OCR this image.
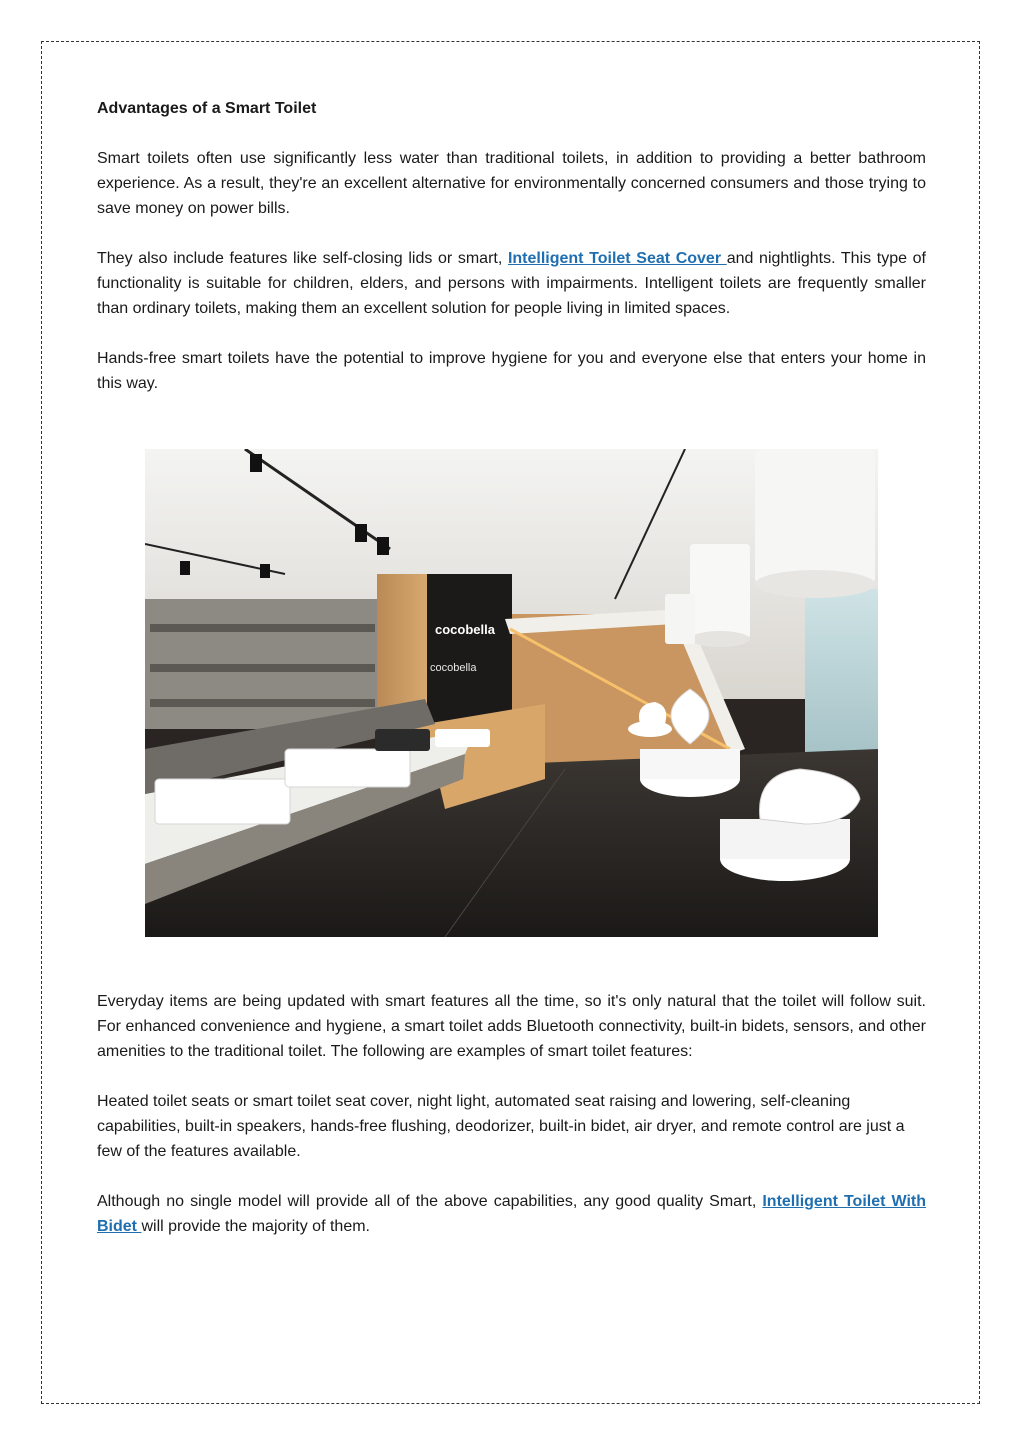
Advantages of a Smart Toilet

Smart toilets often use significantly less water than traditional toilets, in addition to providing a better bathroom experience. As a result, they're an excellent alternative for environmentally concerned consumers and those trying to save money on power bills.

They also include features like self-closing lids or smart, Intelligent Toilet Seat Cover and nightlights. This type of functionality is suitable for children, elders, and persons with impairments. Intelligent toilets are frequently smaller than ordinary toilets, making them an excellent solution for people living in limited spaces.

Hands-free smart toilets have the potential to improve hygiene for you and everyone else that enters your home in this way.

cocobella
cocobella

Everyday items are being updated with smart features all the time, so it's only natural that the toilet will follow suit. For enhanced convenience and hygiene, a smart toilet adds Bluetooth connectivity, built-in bidets, sensors, and other amenities to the traditional toilet. The following are examples of smart toilet features:

Heated toilet seats or smart toilet seat cover, night light, automated seat raising and lowering, self-cleaning capabilities, built-in speakers, hands-free flushing, deodorizer, built-in bidet, air dryer, and remote control are just a few of the features available.

Although no single model will provide all of the above capabilities, any good quality Smart, Intelligent Toilet With Bidet will provide the majority of them.
